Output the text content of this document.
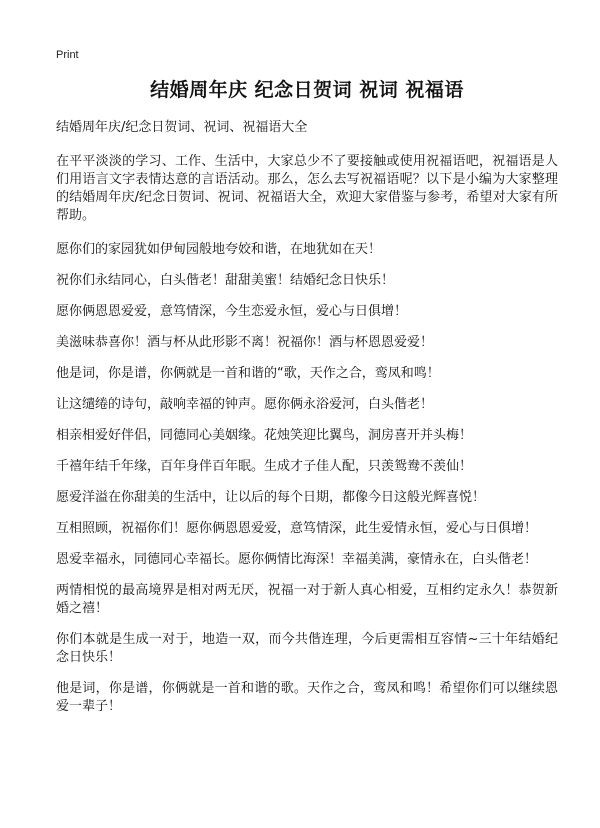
Print
结婚周年庆 纪念日贺词 祝词 祝福语
结婚周年庆/纪念日贺词、祝词、祝福语大全
在平平淡淡的学习、工作、生活中，大家总少不了要接触或使用祝福语吧，祝福语是人们用语言文字表情达意的言语活动。那么，怎么去写祝福语呢？以下是小编为大家整理的结婚周年庆/纪念日贺词、祝词、祝福语大全，欢迎大家借鉴与参考，希望对大家有所帮助。
愿你们的家园犹如伊甸园般地夸姣和谐，在地犹如在天！
祝你们永结同心，白头偕老！甜甜美蜜！结婚纪念日快乐！
愿你俩恩恩爱爱，意笃情深，今生恋爱永恒，爱心与日俱增！
美滋味恭喜你！酒与杯从此形影不离！祝福你！酒与杯恩恩爱爱！
他是词，你是谱，你俩就是一首和谐的“歌，天作之合，鸾凤和鸣！
让这缱绻的诗句，敲响幸福的钟声。愿你俩永浴爱河，白头偕老！
相亲相爱好伴侣，同德同心美姻缘。花烛笑迎比翼鸟，洞房喜开并头梅！
千禧年结千年缘，百年身伴百年眠。生成才子佳人配，只羡鸳鸯不羡仙！
愿爱洋溢在你甜美的生活中，让以后的每个日期，都像今日这般光辉喜悦！
互相照顾，祝福你们！愿你俩恩恩爱爱，意笃情深，此生爱情永恒，爱心与日俱增！
恩爱幸福永，同德同心幸福长。愿你俩情比海深！幸福美满，豪情永在，白头偕老！
两情相悦的最高境界是相对两无厌，祝福一对于新人真心相爱，互相约定永久！恭贺新婚之禧！
你们本就是生成一对于，地造一双，而今共偕连理，今后更需相互容情~三十年结婚纪念日快乐！
他是词，你是谱，你俩就是一首和谐的歌。天作之合，鸾凤和鸣！希望你们可以继续恩爱一辈子！
